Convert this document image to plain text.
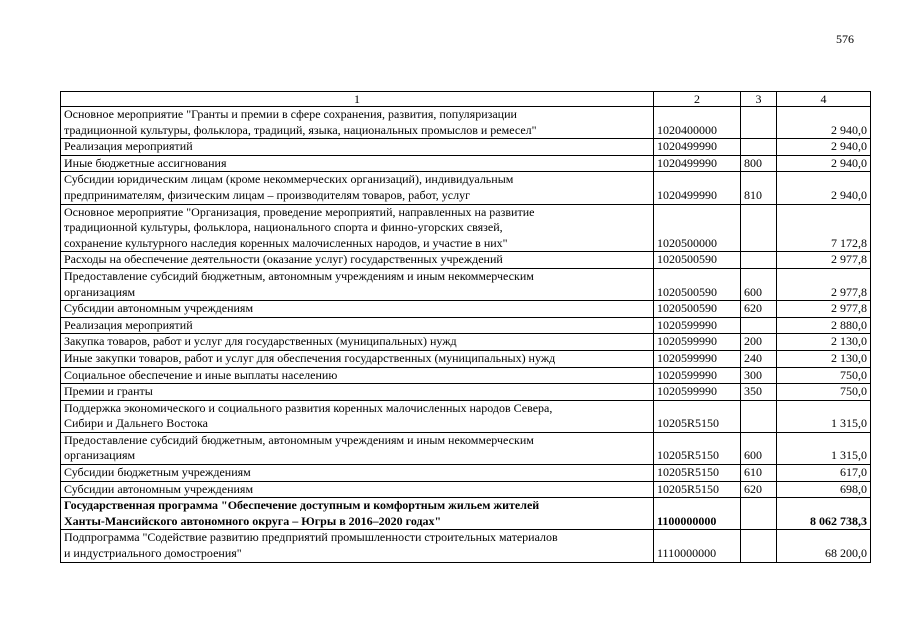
576
1	2	3	4
Основное мероприятие "Гранты и премии в сфере сохранения, развития, популяризации
традиционной культуры, фольклора, традиций, языка, национальных промыслов и ремесел"	1020400000		2 940,0
Реализация мероприятий	1020499990		2 940,0
Иные бюджетные ассигнования	1020499990	800	2 940,0
Субсидии юридическим лицам (кроме некоммерческих организаций), индивидуальным
предпринимателям, физическим лицам – производителям товаров, работ, услуг	1020499990	810	2 940,0
Основное мероприятие "Организация, проведение мероприятий, направленных на развитие
традиционной культуры, фольклора, национального спорта и финно-угорских связей,
сохранение культурного наследия коренных малочисленных народов, и участие в них"	1020500000		7 172,8
Расходы на обеспечение деятельности (оказание услуг) государственных учреждений	1020500590		2 977,8
Предоставление субсидий бюджетным, автономным учреждениям и иным некоммерческим
организациям	1020500590	600	2 977,8
Субсидии автономным учреждениям	1020500590	620	2 977,8
Реализация мероприятий	1020599990		2 880,0
Закупка товаров, работ и услуг для государственных (муниципальных) нужд	1020599990	200	2 130,0
Иные закупки товаров, работ и услуг для обеспечения государственных (муниципальных) нужд	1020599990	240	2 130,0
Социальное обеспечение и иные выплаты населению	1020599990	300	750,0
Премии и гранты	1020599990	350	750,0
Поддержка экономического и социального развития коренных малочисленных народов Севера,
Сибири и Дальнего Востока	10205R5150		1 315,0
Предоставление субсидий бюджетным, автономным учреждениям и иным некоммерческим
организациям	10205R5150	600	1 315,0
Субсидии бюджетным учреждениям	10205R5150	610	617,0
Субсидии автономным учреждениям	10205R5150	620	698,0
Государственная программа "Обеспечение доступным и комфортным жильем жителей
Ханты-Мансийского автономного округа – Югры в 2016–2020 годах"	1100000000		8 062 738,3
Подпрограмма "Содействие развитию предприятий промышленности строительных материалов
и индустриального домостроения"	1110000000		68 200,0
